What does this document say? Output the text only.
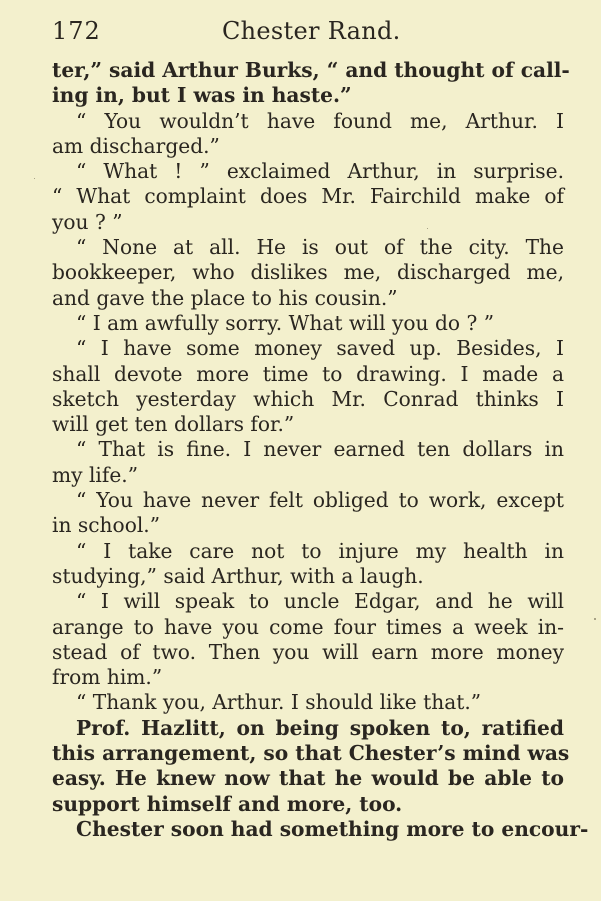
172	Chester Rand.
ter,” said Arthur Burks, “ and thought of call-
ing in, but I was in haste.”
“ You wouldn’t have found me, Arthur. I
am discharged.”
“ What ! ” exclaimed Arthur, in surprise.
“ What complaint does Mr. Fairchild make of
you ? ”
“ None at all. He is out of the city. The
bookkeeper, who dislikes me, discharged me,
and gave the place to his cousin.”
“ I am awfully sorry. What will you do ? ”
“ I have some money saved up. Besides, I
shall devote more time to drawing. I made a
sketch yesterday which Mr. Conrad thinks I
will get ten dollars for.”
“ That is fine. I never earned ten dollars in
my life.”
“ You have never felt obliged to work, except
in school.”
“ I take care not to injure my health in
studying,” said Arthur, with a laugh.
“ I will speak to uncle Edgar, and he will
arange to have you come four times a week in-
stead of two. Then you will earn more money
from him.”
“ Thank you, Arthur. I should like that.”
Prof. Hazlitt, on being spoken to, ratified
this arrangement, so that Chester’s mind was
easy. He knew now that he would be able to
support himself and more, too.
Chester soon had something more to encour-
